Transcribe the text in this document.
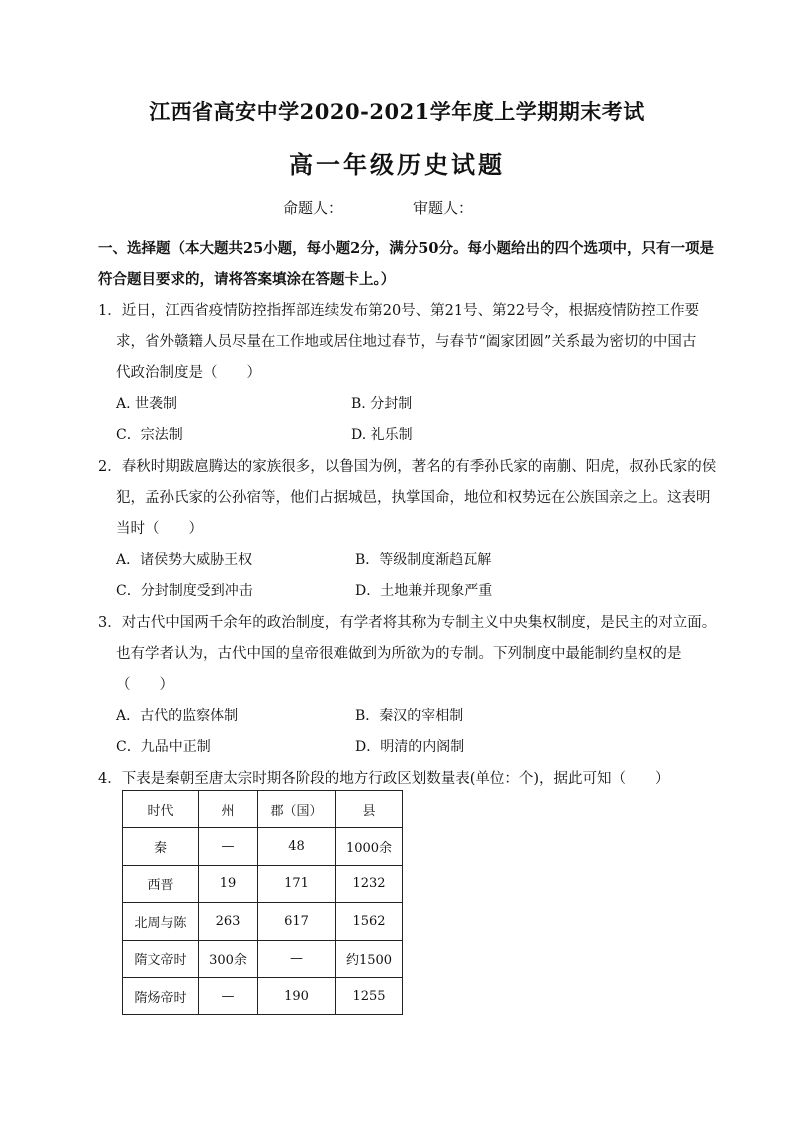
江西省高安中学2020-2021学年度上学期期末考试
高一年级历史试题
命题人：	审题人：
一、选择题（本大题共25小题，每小题2分，满分50分。每小题给出的四个选项中，只有一项是
符合题目要求的，请将答案填涂在答题卡上。）
1．近日，江西省疫情防控指挥部连续发布第20号、第21号、第22号令，根据疫情防控工作要
求，省外赣籍人员尽量在工作地或居住地过春节，与春节“阖家团圆”关系最为密切的中国古
代政治制度是（　　）
A. 世袭制	B. 分封制
C．宗法制	D. 礼乐制
2．春秋时期跋扈腾达的家族很多，以鲁国为例，著名的有季孙氏家的南蒯、阳虎，叔孙氏家的侯
犯，孟孙氏家的公孙宿等，他们占据城邑，执掌国命，地位和权势远在公族国亲之上。这表明
当时（　　）
A．诸侯势大威胁王权	B．等级制度渐趋瓦解
C．分封制度受到冲击	D．土地兼并现象严重
3．对古代中国两千余年的政治制度，有学者将其称为专制主义中央集权制度，是民主的对立面。
也有学者认为，古代中国的皇帝很难做到为所欲为的专制。下列制度中最能制约皇权的是
（　　）
A．古代的监察体制	B．秦汉的宰相制
C．九品中正制	D．明清的内阁制
4．下表是秦朝至唐太宗时期各阶段的地方行政区划数量表(单位：个)，据此可知（　　）
时代	州	郡（国）	县
秦	—	48	1000余
西晋	19	171	1232
北周与陈	263	617	1562
隋文帝时	300余	—	约1500
隋炀帝时	—	190	1255
